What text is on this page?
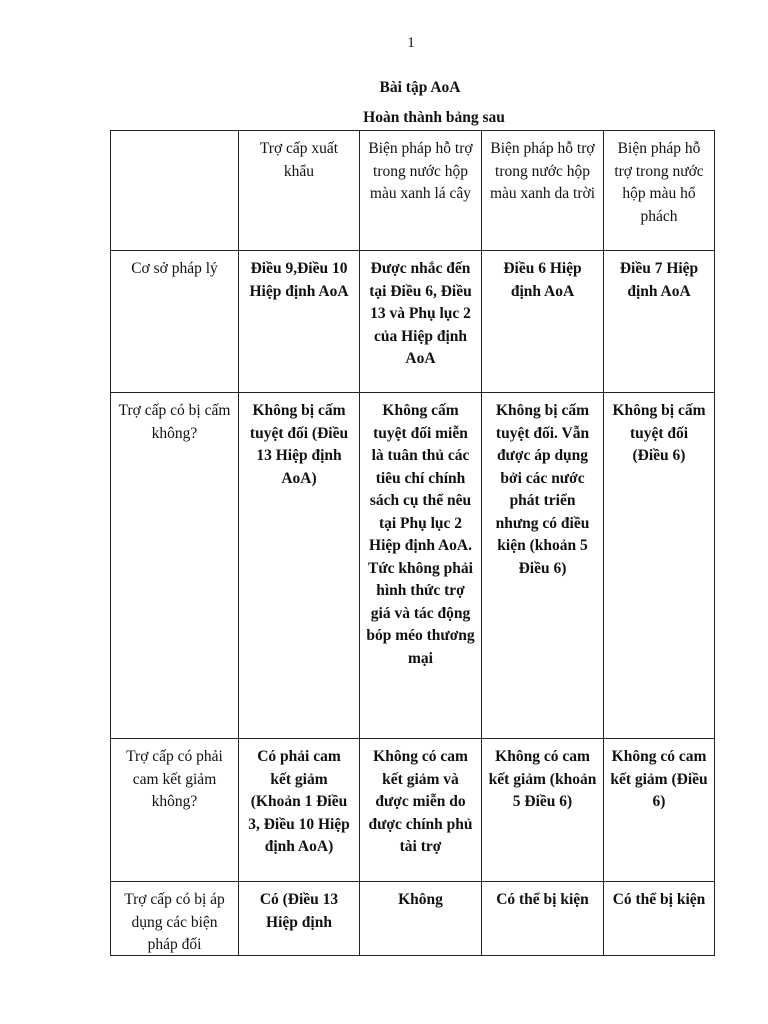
1
Bài tập AoA
Hoàn thành bảng sau
	Trợ cấp xuất khẩu	Biện pháp hỗ trợ trong nước hộp màu xanh lá cây	Biện pháp hỗ trợ trong nước hộp màu xanh da trời	Biện pháp hỗ trợ trong nước hộp màu hổ phách
Cơ sở pháp lý	Điều 9,Điều 10 Hiệp định AoA	Được nhắc đến tại Điều 6, Điều 13 và Phụ lục 2 của Hiệp định AoA	Điều 6 Hiệp định AoA	Điều 7 Hiệp định AoA
Trợ cấp có bị cấm không?	Không bị cấm tuyệt đối (Điều 13 Hiệp định AoA)	Không cấm tuyệt đối miễn là tuân thủ các tiêu chí chính sách cụ thể nêu tại Phụ lục 2 Hiệp định AoA. Tức không phải hình thức trợ giá và tác động bóp méo thương mại	Không bị cấm tuyệt đối. Vẫn được áp dụng bởi các nước phát triển nhưng có điều kiện (khoản 5 Điều 6)	Không bị cấm tuyệt đối (Điều 6)
Trợ cấp có phải cam kết giảm không?	Có phải cam kết giảm (Khoản 1 Điều 3, Điều 10 Hiệp định AoA)	Không có cam kết giảm và được miễn do được chính phủ tài trợ	Không có cam kết giảm (khoản 5 Điều 6)	Không có cam kết giảm (Điều 6)

Trợ cấp có bị áp dụng các biện pháp đối	Có (Điều 13 Hiệp định	Không	Có thể bị kiện	Có thể bị kiện
